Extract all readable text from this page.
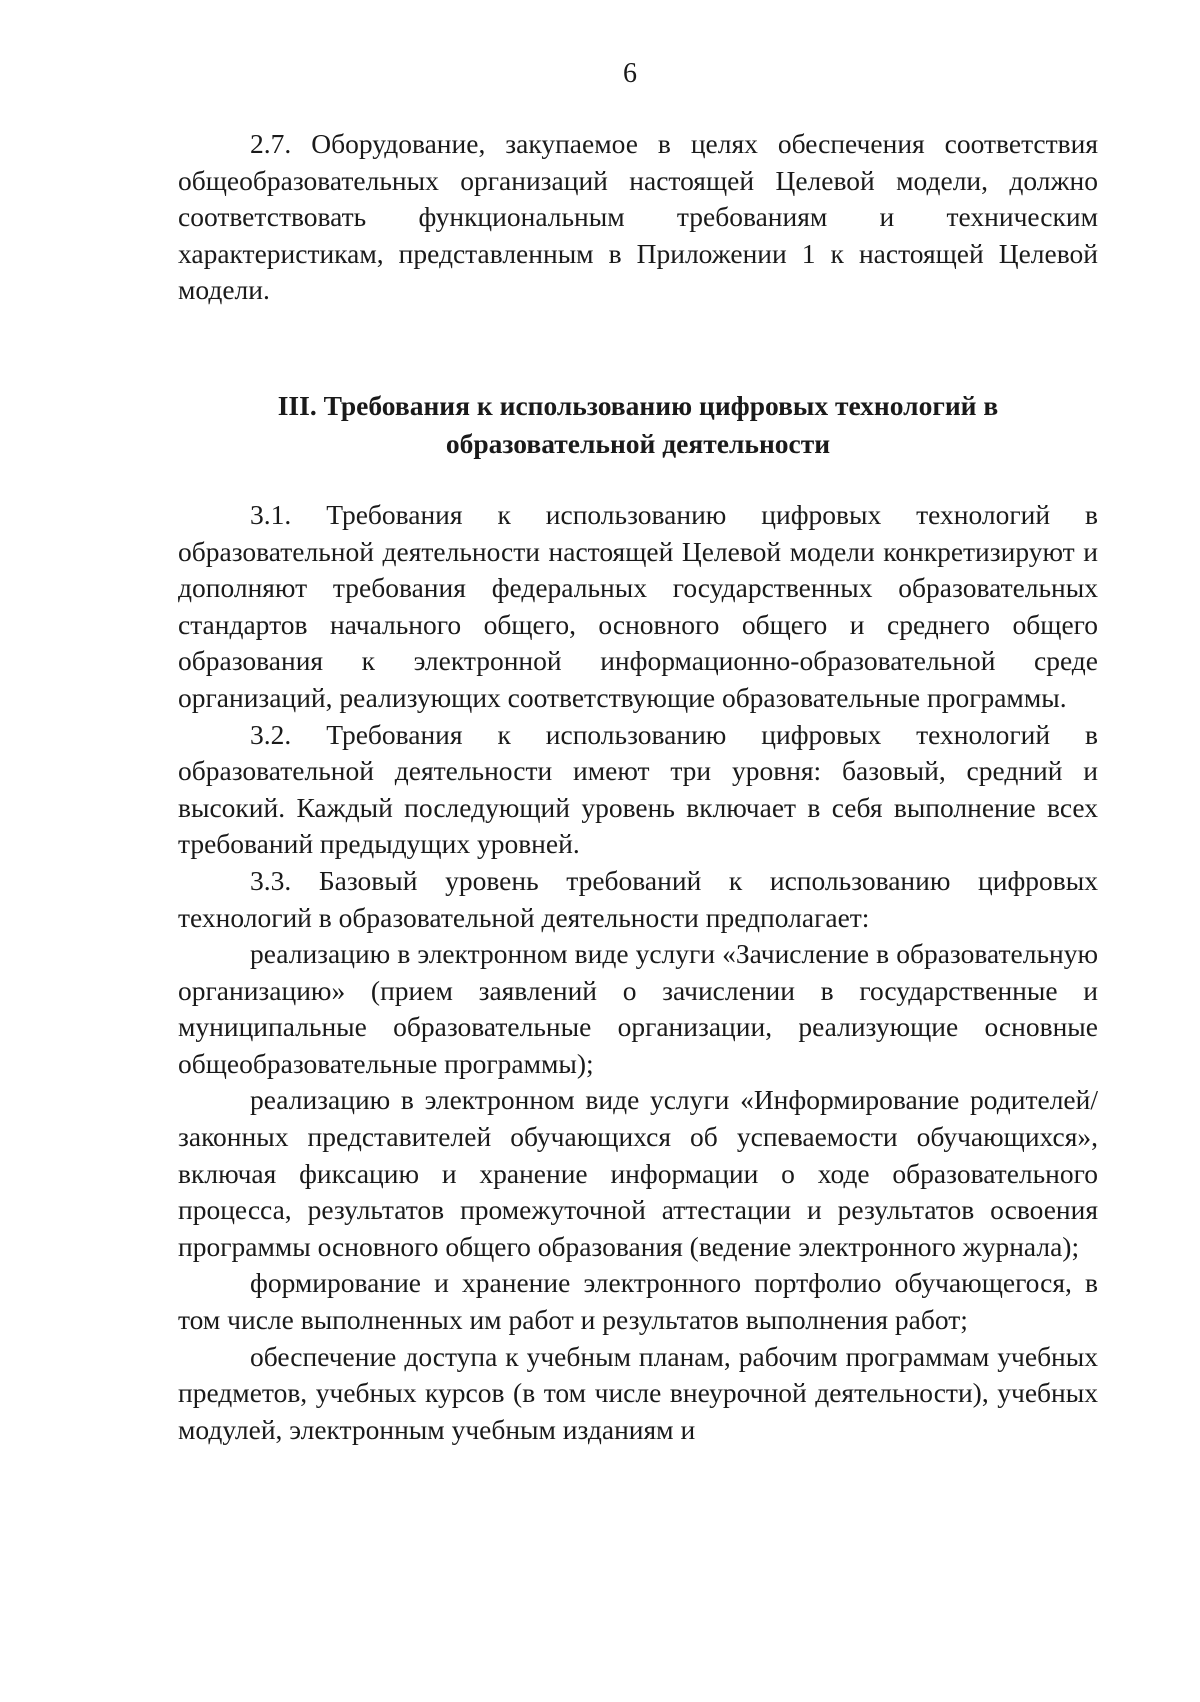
6

2.7. Оборудование, закупаемое в целях обеспечения соответствия общеобразовательных организаций настоящей Целевой модели, должно соответствовать функциональным требованиям и техническим характеристикам, представленным в Приложении 1 к настоящей Целевой модели.

III. Требования к использованию цифровых технологий в образовательной деятельности

3.1. Требования к использованию цифровых технологий в образовательной деятельности настоящей Целевой модели конкретизируют и дополняют требования федеральных государственных образовательных стандартов начального общего, основного общего и среднего общего образования к электронной информационно-образовательной среде организаций, реализующих соответствующие образовательные программы.

3.2. Требования к использованию цифровых технологий в образовательной деятельности имеют три уровня: базовый, средний и высокий. Каждый последующий уровень включает в себя выполнение всех требований предыдущих уровней.

3.3. Базовый уровень требований к использованию цифровых технологий в образовательной деятельности предполагает:

реализацию в электронном виде услуги «Зачисление в образовательную организацию» (прием заявлений о зачислении в государственные и муниципальные образовательные организации, реализующие основные общеобразовательные программы);

реализацию в электронном виде услуги «Информирование родителей/законных представителей обучающихся об успеваемости обучающихся», включая фиксацию и хранение информации о ходе образовательного процесса, результатов промежуточной аттестации и результатов освоения программы основного общего образования (ведение электронного журнала);

формирование и хранение электронного портфолио обучающегося, в том числе выполненных им работ и результатов выполнения работ;

обеспечение доступа к учебным планам, рабочим программам учебных предметов, учебных курсов (в том числе внеурочной деятельности), учебных модулей, электронным учебным изданиям и
